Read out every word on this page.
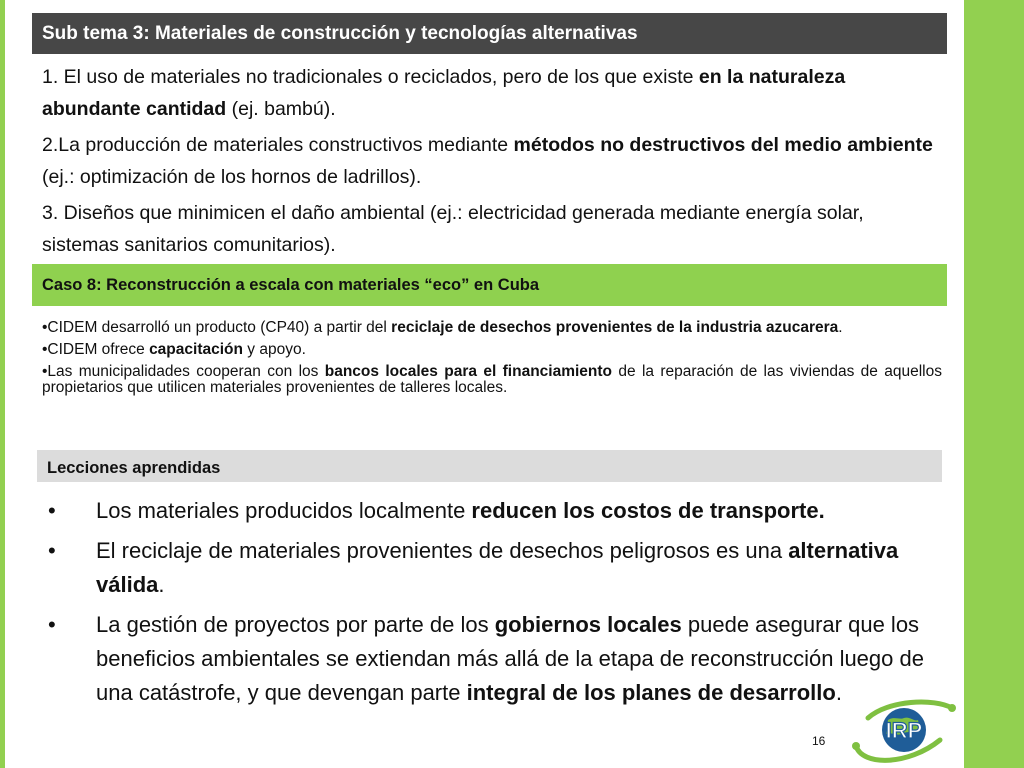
Sub tema 3: Materiales de construcción y tecnologías alternativas
1. El uso de materiales no tradicionales o reciclados, pero de los que existe en la naturaleza abundante cantidad (ej. bambú).
2.La producción de materiales constructivos mediante métodos no destructivos del medio ambiente (ej.: optimización de los hornos de ladrillos).
3. Diseños que minimicen el daño ambiental (ej.: electricidad generada mediante energía solar, sistemas sanitarios comunitarios).
Caso 8: Reconstrucción a escala con materiales “eco” en Cuba
•CIDEM desarrolló un producto (CP40) a partir del reciclaje de desechos provenientes de la industria azucarera.
•CIDEM ofrece capacitación y apoyo.
•Las municipalidades cooperan con los bancos locales para el financiamiento de la reparación de las viviendas de aquellos propietarios que utilicen materiales provenientes de talleres locales.
Lecciones aprendidas
• Los materiales producidos localmente reducen los costos de transporte.
• El reciclaje de materiales provenientes de desechos peligrosos es una alternativa válida.
• La gestión de proyectos por parte de los gobiernos locales puede asegurar que los beneficios ambientales se extiendan más allá de la etapa de reconstrucción luego de una catástrofe, y que devengan parte integral de los planes de desarrollo.
16	IRP
